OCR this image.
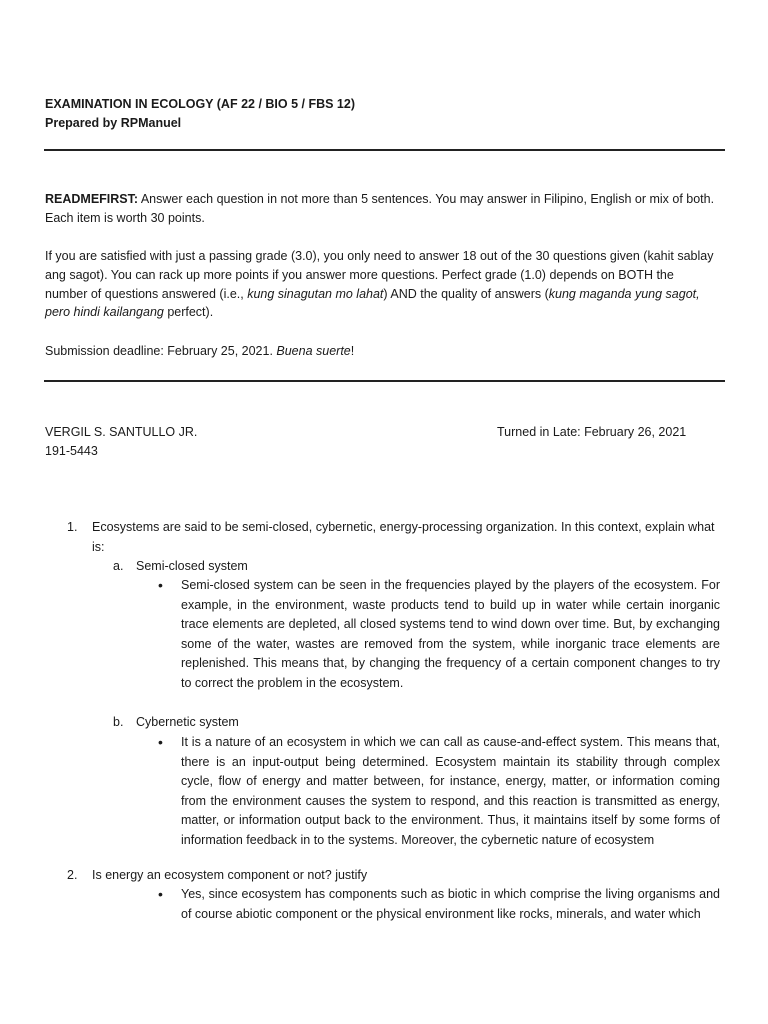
EXAMINATION IN ECOLOGY (AF 22 / BIO 5 / FBS 12)
Prepared by RPManuel

READMEFIRST: Answer each question in not more than 5 sentences. You may answer in Filipino, English or mix of both. Each item is worth 30 points.

If you are satisfied with just a passing grade (3.0), you only need to answer 18 out of the 30 questions given (kahit sablay ang sagot). You can rack up more points if you answer more questions. Perfect grade (1.0) depends on BOTH the number of questions answered (i.e., kung sinagutan mo lahat) AND the quality of answers (kung maganda yung sagot, pero hindi kailangang perfect).

Submission deadline: February 25, 2021. Buena suerte!

VERGIL S. SANTULLO JR.
191-5443
Turned in Late: February 26, 2021
1. Ecosystems are said to be semi-closed, cybernetic, energy-processing organization. In this context, explain what is:

a. Semi-closed system

• Semi-closed system can be seen in the frequencies played by the players of the ecosystem. For example, in the environment, waste products tend to build up in water while certain inorganic trace elements are depleted, all closed systems tend to wind down over time. But, by exchanging some of the water, wastes are removed from the system, while inorganic trace elements are replenished. This means that, by changing the frequency of a certain component changes to try to correct the problem in the ecosystem.

b. Cybernetic system

• It is a nature of an ecosystem in which we can call as cause-and-effect system. This means that, there is an input-output being determined. Ecosystem maintain its stability through complex cycle, flow of energy and matter between, for instance, energy, matter, or information coming from the environment causes the system to respond, and this reaction is transmitted as energy, matter, or information output back to the environment. Thus, it maintains itself by some forms of information feedback in to the systems. Moreover, the cybernetic nature of ecosystem

2. Is energy an ecosystem component or not? justify

• Yes, since ecosystem has components such as biotic in which comprise the living organisms and of course abiotic component or the physical environment like rocks, minerals, and water which
